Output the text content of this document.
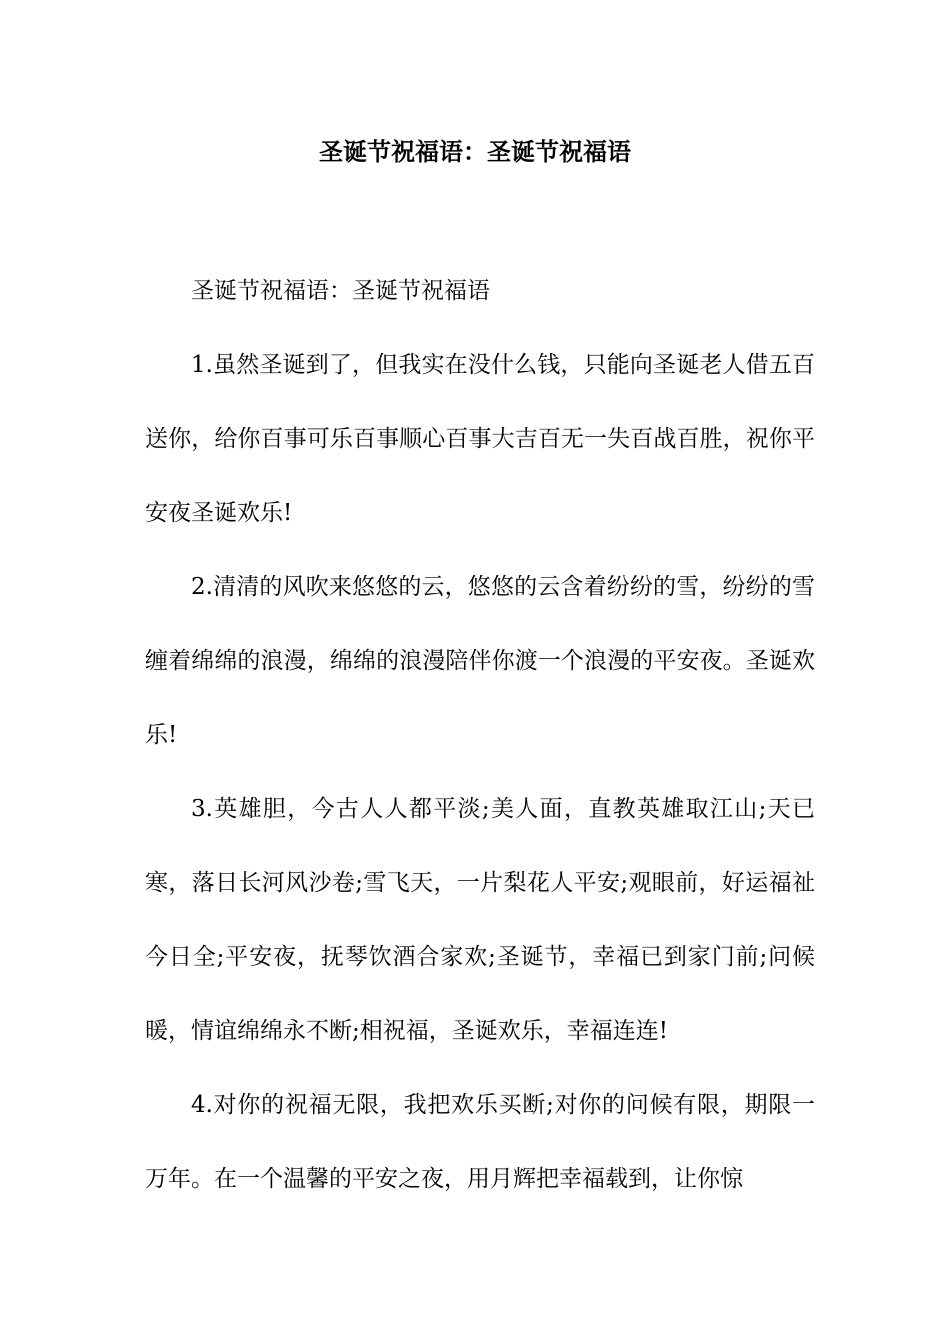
圣诞节祝福语：圣诞节祝福语

圣诞节祝福语：圣诞节祝福语

1.虽然圣诞到了，但我实在没什么钱，只能向圣诞老人借五百送你，给你百事可乐百事顺心百事大吉百无一失百战百胜，祝你平安夜圣诞欢乐!

2.清清的风吹来悠悠的云，悠悠的云含着纷纷的雪，纷纷的雪缠着绵绵的浪漫，绵绵的浪漫陪伴你渡一个浪漫的平安夜。圣诞欢乐!

3.英雄胆，今古人人都平淡;美人面，直教英雄取江山;天已寒，落日长河风沙卷;雪飞天，一片梨花人平安;观眼前，好运福祉今日全;平安夜，抚琴饮酒合家欢;圣诞节，幸福已到家门前;问候暖，情谊绵绵永不断;相祝福，圣诞欢乐，幸福连连!

4.对你的祝福无限，我把欢乐买断;对你的问候有限，期限一万年。在一个温馨的平安之夜，用月辉把幸福载到，让你惊
